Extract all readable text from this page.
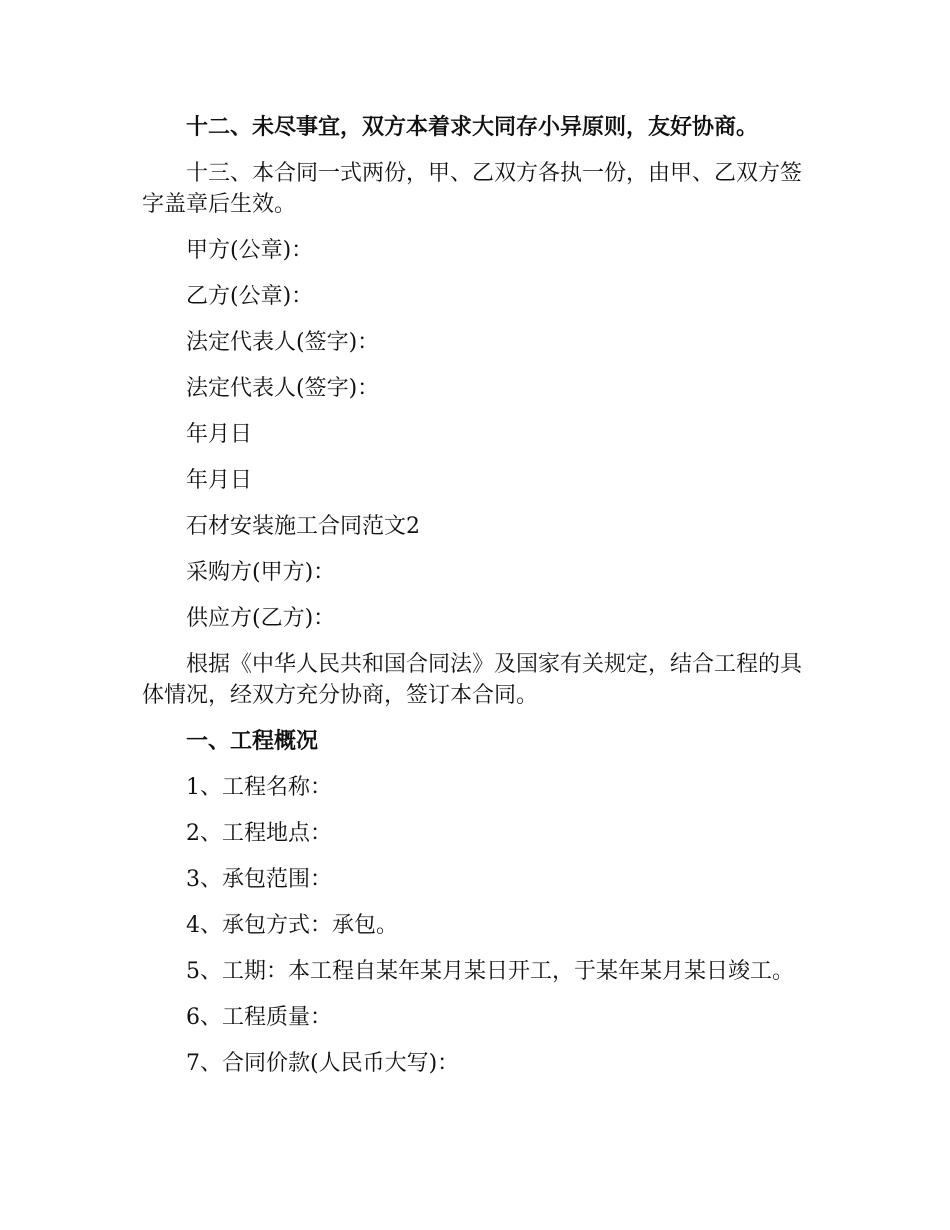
十二、未尽事宜，双方本着求大同存小异原则，友好协商。

十三、本合同一式两份，甲、乙双方各执一份，由甲、乙双方签字盖章后生效。

甲方(公章)：

乙方(公章)：

法定代表人(签字)：

法定代表人(签字)：

年月日

年月日

石材安装施工合同范文2

采购方(甲方)：

供应方(乙方)：

根据《中华人民共和国合同法》及国家有关规定，结合工程的具体情况，经双方充分协商，签订本合同。

一、工程概况

1、工程名称：

2、工程地点：

3、承包范围：

4、承包方式：承包。

5、工期：本工程自某年某月某日开工，于某年某月某日竣工。

6、工程质量：

7、合同价款(人民币大写)：
